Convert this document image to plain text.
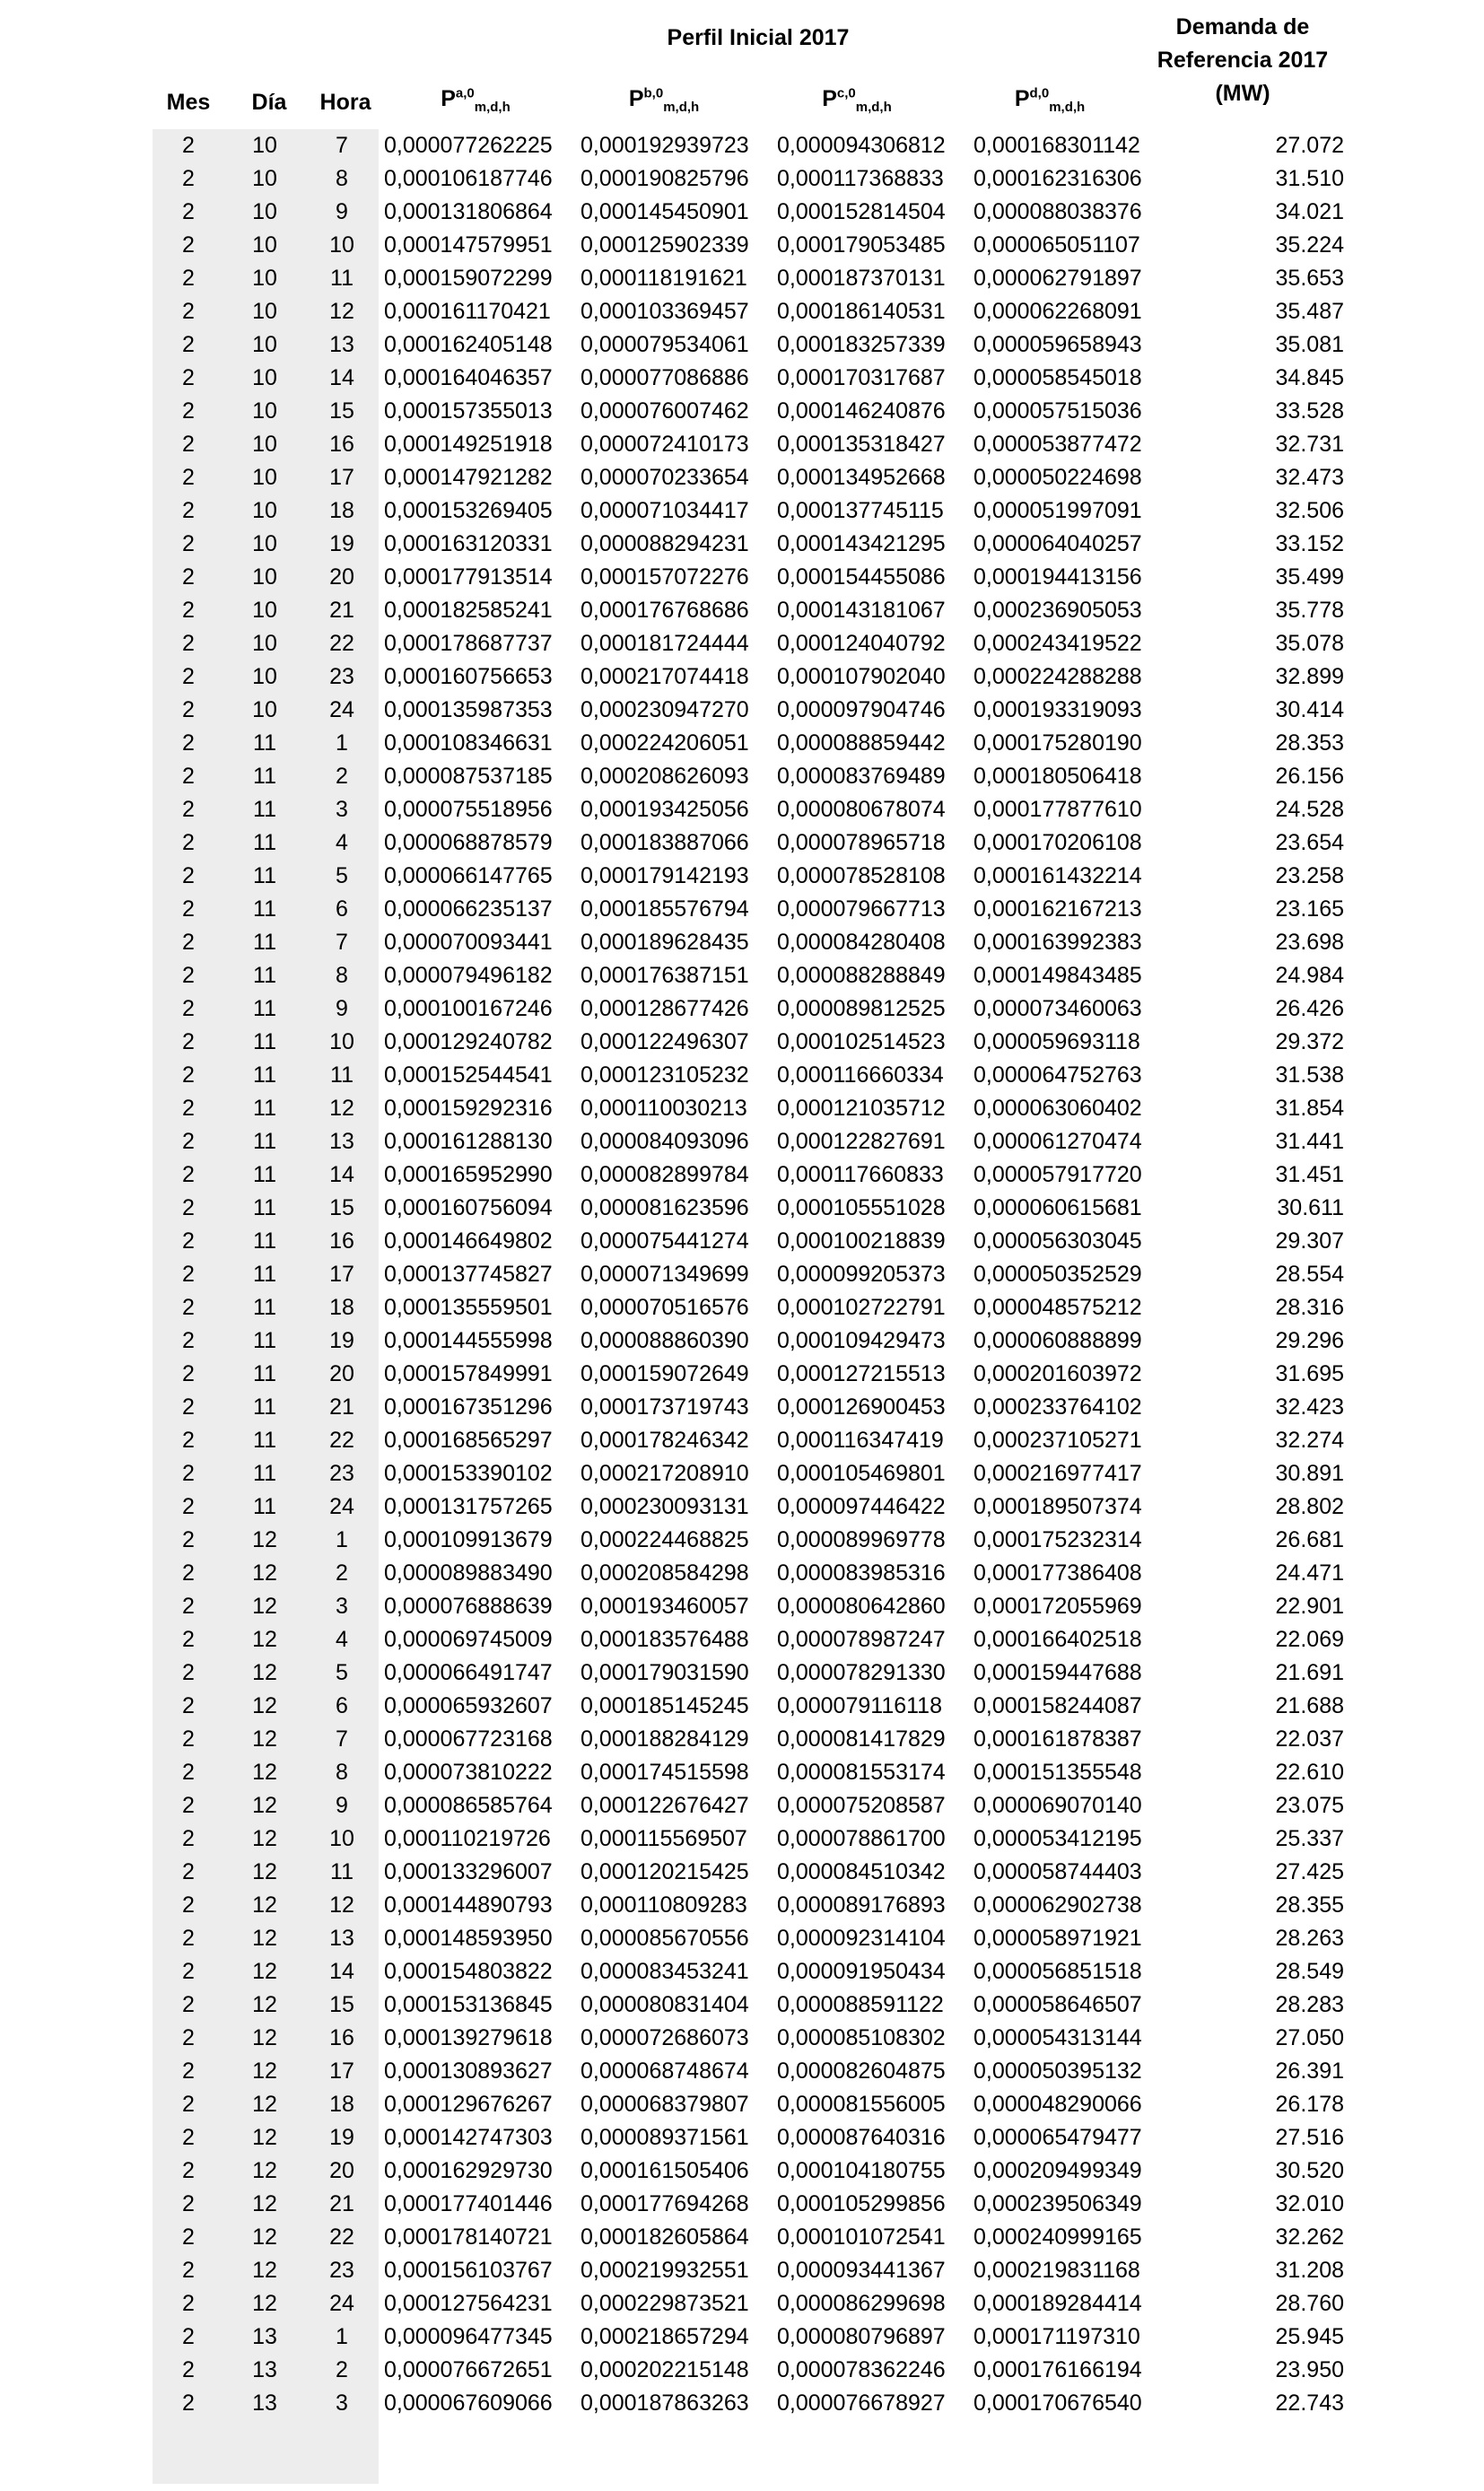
Perfil Inicial 2017	Demanda de
Referencia 2017
(MW)
Mes	Día	Hora	P$^{a,0}_{m,d,h}$	P$^{b,0}_{m,d,h}$	P$^{c,0}_{m,d,h}$	P$^{d,0}_{m,d,h}$
2	10	7	0,000077262225	0,000192939723	0,000094306812	0,000168301142	27.072
2	10	8	0,000106187746	0,000190825796	0,000117368833	0,000162316306	31.510
2	10	9	0,000131806864	0,000145450901	0,000152814504	0,000088038376	34.021
2	10	10	0,000147579951	0,000125902339	0,000179053485	0,000065051107	35.224
2	10	11	0,000159072299	0,000118191621	0,000187370131	0,000062791897	35.653
2	10	12	0,000161170421	0,000103369457	0,000186140531	0,000062268091	35.487
2	10	13	0,000162405148	0,000079534061	0,000183257339	0,000059658943	35.081
2	10	14	0,000164046357	0,000077086886	0,000170317687	0,000058545018	34.845
2	10	15	0,000157355013	0,000076007462	0,000146240876	0,000057515036	33.528
2	10	16	0,000149251918	0,000072410173	0,000135318427	0,000053877472	32.731
2	10	17	0,000147921282	0,000070233654	0,000134952668	0,000050224698	32.473
2	10	18	0,000153269405	0,000071034417	0,000137745115	0,000051997091	32.506
2	10	19	0,000163120331	0,000088294231	0,000143421295	0,000064040257	33.152
2	10	20	0,000177913514	0,000157072276	0,000154455086	0,000194413156	35.499
2	10	21	0,000182585241	0,000176768686	0,000143181067	0,000236905053	35.778
2	10	22	0,000178687737	0,000181724444	0,000124040792	0,000243419522	35.078
2	10	23	0,000160756653	0,000217074418	0,000107902040	0,000224288288	32.899
2	10	24	0,000135987353	0,000230947270	0,000097904746	0,000193319093	30.414
2	11	1	0,000108346631	0,000224206051	0,000088859442	0,000175280190	28.353
2	11	2	0,000087537185	0,000208626093	0,000083769489	0,000180506418	26.156
2	11	3	0,000075518956	0,000193425056	0,000080678074	0,000177877610	24.528
2	11	4	0,000068878579	0,000183887066	0,000078965718	0,000170206108	23.654
2	11	5	0,000066147765	0,000179142193	0,000078528108	0,000161432214	23.258
2	11	6	0,000066235137	0,000185576794	0,000079667713	0,000162167213	23.165
2	11	7	0,000070093441	0,000189628435	0,000084280408	0,000163992383	23.698
2	11	8	0,000079496182	0,000176387151	0,000088288849	0,000149843485	24.984
2	11	9	0,000100167246	0,000128677426	0,000089812525	0,000073460063	26.426
2	11	10	0,000129240782	0,000122496307	0,000102514523	0,000059693118	29.372
2	11	11	0,000152544541	0,000123105232	0,000116660334	0,000064752763	31.538
2	11	12	0,000159292316	0,000110030213	0,000121035712	0,000063060402	31.854
2	11	13	0,000161288130	0,000084093096	0,000122827691	0,000061270474	31.441
2	11	14	0,000165952990	0,000082899784	0,000117660833	0,000057917720	31.451
2	11	15	0,000160756094	0,000081623596	0,000105551028	0,000060615681	30.611
2	11	16	0,000146649802	0,000075441274	0,000100218839	0,000056303045	29.307
2	11	17	0,000137745827	0,000071349699	0,000099205373	0,000050352529	28.554
2	11	18	0,000135559501	0,000070516576	0,000102722791	0,000048575212	28.316
2	11	19	0,000144555998	0,000088860390	0,000109429473	0,000060888899	29.296
2	11	20	0,000157849991	0,000159072649	0,000127215513	0,000201603972	31.695
2	11	21	0,000167351296	0,000173719743	0,000126900453	0,000233764102	32.423
2	11	22	0,000168565297	0,000178246342	0,000116347419	0,000237105271	32.274
2	11	23	0,000153390102	0,000217208910	0,000105469801	0,000216977417	30.891
2	11	24	0,000131757265	0,000230093131	0,000097446422	0,000189507374	28.802
2	12	1	0,000109913679	0,000224468825	0,000089969778	0,000175232314	26.681
2	12	2	0,000089883490	0,000208584298	0,000083985316	0,000177386408	24.471
2	12	3	0,000076888639	0,000193460057	0,000080642860	0,000172055969	22.901
2	12	4	0,000069745009	0,000183576488	0,000078987247	0,000166402518	22.069
2	12	5	0,000066491747	0,000179031590	0,000078291330	0,000159447688	21.691
2	12	6	0,000065932607	0,000185145245	0,000079116118	0,000158244087	21.688
2	12	7	0,000067723168	0,000188284129	0,000081417829	0,000161878387	22.037
2	12	8	0,000073810222	0,000174515598	0,000081553174	0,000151355548	22.610
2	12	9	0,000086585764	0,000122676427	0,000075208587	0,000069070140	23.075
2	12	10	0,000110219726	0,000115569507	0,000078861700	0,000053412195	25.337
2	12	11	0,000133296007	0,000120215425	0,000084510342	0,000058744403	27.425
2	12	12	0,000144890793	0,000110809283	0,000089176893	0,000062902738	28.355
2	12	13	0,000148593950	0,000085670556	0,000092314104	0,000058971921	28.263
2	12	14	0,000154803822	0,000083453241	0,000091950434	0,000056851518	28.549
2	12	15	0,000153136845	0,000080831404	0,000088591122	0,000058646507	28.283
2	12	16	0,000139279618	0,000072686073	0,000085108302	0,000054313144	27.050
2	12	17	0,000130893627	0,000068748674	0,000082604875	0,000050395132	26.391
2	12	18	0,000129676267	0,000068379807	0,000081556005	0,000048290066	26.178
2	12	19	0,000142747303	0,000089371561	0,000087640316	0,000065479477	27.516
2	12	20	0,000162929730	0,000161505406	0,000104180755	0,000209499349	30.520
2	12	21	0,000177401446	0,000177694268	0,000105299856	0,000239506349	32.010
2	12	22	0,000178140721	0,000182605864	0,000101072541	0,000240999165	32.262
2	12	23	0,000156103767	0,000219932551	0,000093441367	0,000219831168	31.208
2	12	24	0,000127564231	0,000229873521	0,000086299698	0,000189284414	28.760
2	13	1	0,000096477345	0,000218657294	0,000080796897	0,000171197310	25.945
2	13	2	0,000076672651	0,000202215148	0,000078362246	0,000176166194	23.950
2	13	3	0,000067609066	0,000187863263	0,000076678927	0,000170676540	22.743
